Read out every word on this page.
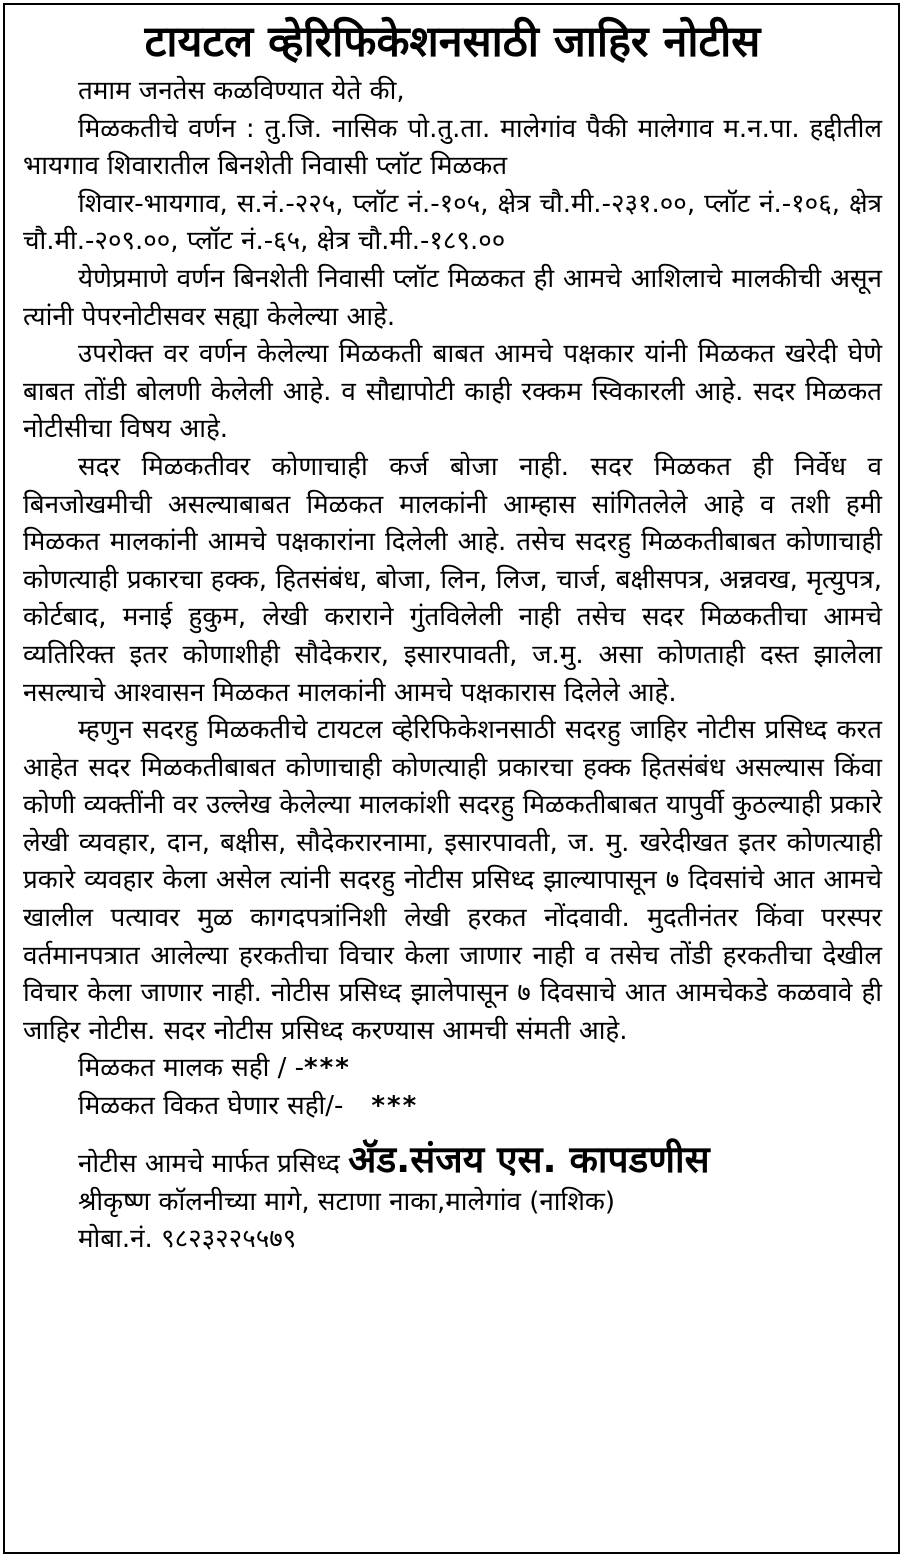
टायटल व्हेरिफिकेशनसाठी जाहिर नोटीस

तमाम जनतेस कळविण्यात येते की,

मिळकतीचे वर्णन : तु.जि. नासिक पो.तु.ता. मालेगांव पैकी मालेगाव म.न.पा. हद्दीतील भायगाव शिवारातील बिनशेती निवासी प्लॉट मिळकत

शिवार-भायगाव, स.नं.-२२५, प्लॉट नं.-१०५, क्षेत्र चौ.मी.-२३१.००, प्लॉट नं.-१०६, क्षेत्र चौ.मी.-२०९.००, प्लॉट नं.-६५, क्षेत्र चौ.मी.-१८९.००

येणेप्रमाणे वर्णन बिनशेती निवासी प्लॉट मिळकत ही आमचे आशिलाचे मालकीची असून त्यांनी पेपरनोटीसवर सह्या केलेल्या आहे.

उपरोक्त वर वर्णन केलेल्या मिळकती बाबत आमचे पक्षकार यांनी मिळकत खरेदी घेणे बाबत तोंडी बोलणी केलेली आहे. व सौद्यापोटी काही रक्कम स्विकारली आहे. सदर मिळकत नोटीसीचा विषय आहे.

सदर मिळकतीवर कोणाचाही कर्ज बोजा नाही. सदर मिळकत ही निर्वेध व बिनजोखमीची असल्याबाबत मिळकत मालकांनी आम्हास सांगितलेले आहे व तशी हमी मिळकत मालकांनी आमचे पक्षकारांना दिलेली आहे. तसेच सदरहु मिळकतीबाबत कोणाचाही कोणत्याही प्रकारचा हक्क, हितसंबंध, बोजा, लिन, लिज, चार्ज, बक्षीसपत्र, अन्नवख, मृत्युपत्र, कोर्टबाद, मनाई हुकुम, लेखी कराराने गुंतविलेली नाही तसेच सदर मिळकतीचा आमचे व्यतिरिक्त इतर कोणाशीही सौदेकरार, इसारपावती, ज.मु. असा कोणताही दस्त झालेला नसल्याचे आश्वासन मिळकत मालकांनी आमचे पक्षकारास दिलेले आहे.

म्हणुन सदरहु मिळकतीचे टायटल व्हेरिफिकेशनसाठी सदरहु जाहिर नोटीस प्रसिध्द करत आहेत सदर मिळकतीबाबत कोणाचाही कोणत्याही प्रकारचा हक्क हितसंबंध असल्यास किंवा कोणी व्यक्तींनी वर उल्लेख केलेल्या मालकांशी सदरहु मिळकतीबाबत यापुर्वी कुठल्याही प्रकारे लेखी व्यवहार, दान, बक्षीस, सौदेकरारनामा, इसारपावती, ज. मु. खरेदीखत इतर कोणत्याही प्रकारे व्यवहार केला असेल त्यांनी सदरहु नोटीस प्रसिध्द झाल्यापासून ७ दिवसांचे आत आमचे खालील पत्यावर मुळ कागदपत्रांनिशी लेखी हरकत नोंदवावी. मुदतीनंतर किंवा परस्पर वर्तमानपत्रात आलेल्या हरकतीचा विचार केला जाणार नाही व तसेच तोंडी हरकतीचा देखील विचार केला जाणार नाही. नोटीस प्रसिध्द झालेपासून ७ दिवसाचे आत आमचेकडे कळवावे ही जाहिर नोटीस. सदर नोटीस प्रसिध्द करण्यास आमची संमती आहे.

मिळकत मालक सही / -***
मिळकत विकत घेणार सही/- ***
नोटीस आमचे मार्फत प्रसिध्द ॲड.संजय एस. कापडणीस
श्रीकृष्ण कॉलनीच्या मागे, सटाणा नाका,मालेगांव (नाशिक)
मोबा.नं. ९८२३२२५५७९
